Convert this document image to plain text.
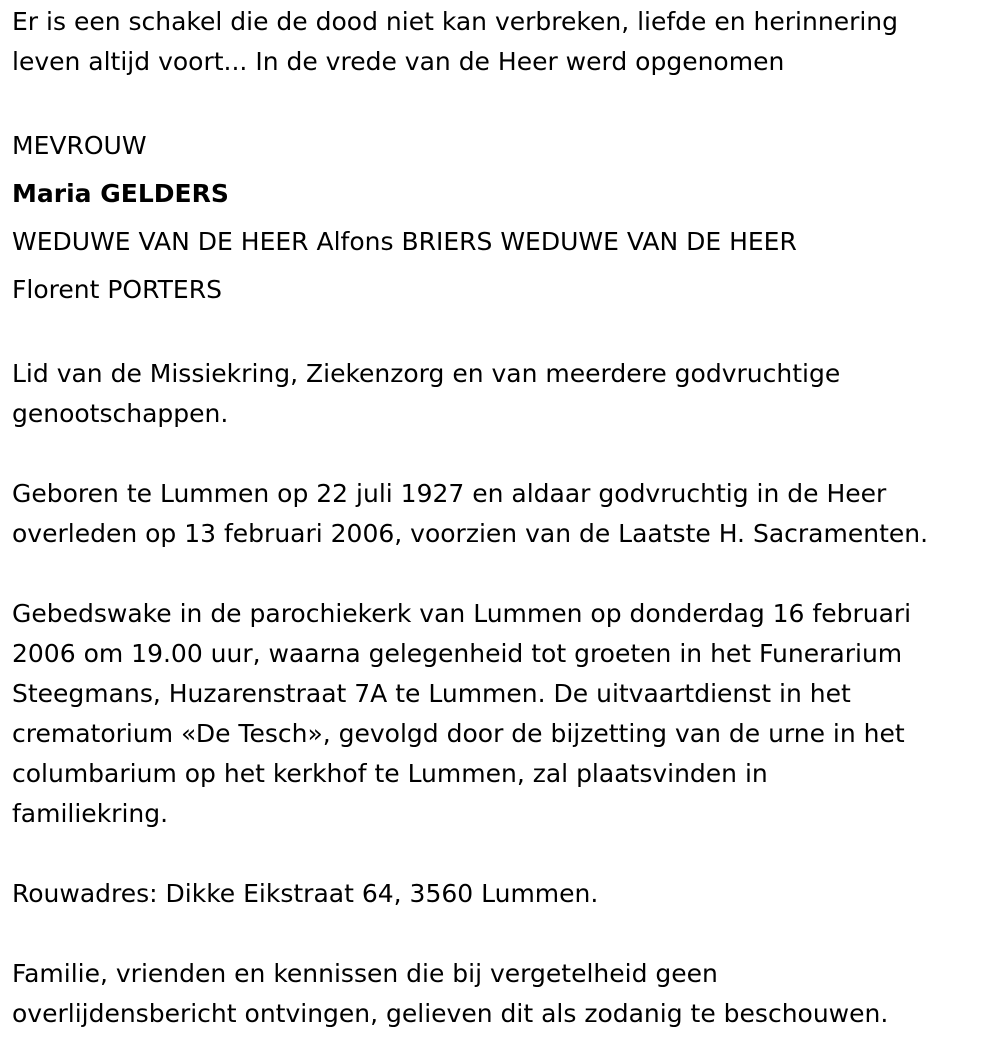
Er is een schakel die de dood niet kan verbreken, liefde en herinnering
leven altijd voort... In de vrede van de Heer werd opgenomen
MEVROUW
Maria GELDERS
WEDUWE VAN DE HEER Alfons BRIERS WEDUWE VAN DE HEER
Florent PORTERS
Lid van de Missiekring, Ziekenzorg en van meerdere godvruchtige
genootschappen.
Geboren te Lummen op 22 juli 1927 en aldaar godvruchtig in de Heer
overleden op 13 februari 2006, voorzien van de Laatste H. Sacramenten.
Gebedswake in de parochiekerk van Lummen op donderdag 16 februari
2006 om 19.00 uur, waarna gelegenheid tot groeten in het Funerarium
Steegmans, Huzarenstraat 7A te Lummen. De uitvaartdienst in het
crematorium «De Tesch», gevolgd door de bijzetting van de urne in het
columbarium op het kerkhof te Lummen, zal plaatsvinden in
familiekring.
Rouwadres: Dikke Eikstraat 64, 3560 Lummen.
Familie, vrienden en kennissen die bij vergetelheid geen
overlijdensbericht ontvingen, gelieven dit als zodanig te beschouwen.
